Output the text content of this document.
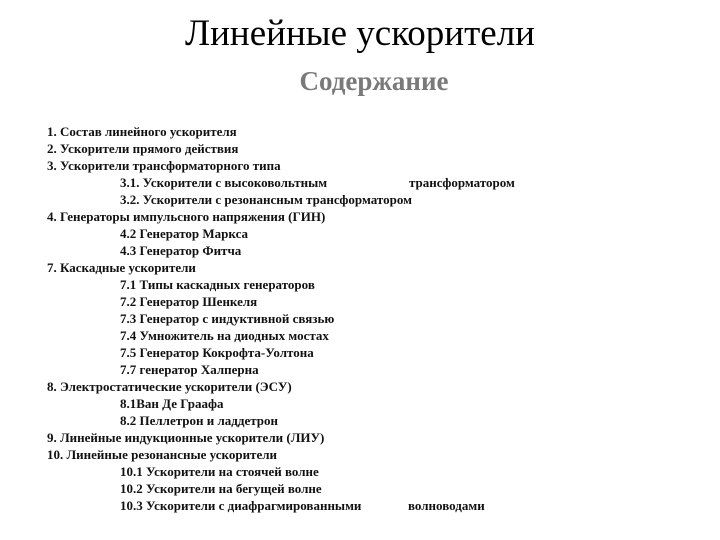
Линейные ускорители
Содержание
1. Состав линейного ускорителя
2. Ускорители прямого действия
3. Ускорители трансформаторного типа
3.1. Ускорители с высоковольтным	трансформатором
3.2. Ускорители с резонансным трансформатором
4. Генераторы импульсного напряжения (ГИН)
4.2 Генератор Маркса
4.3 Генератор Фитча
7. Каскадные ускорители
7.1 Типы каскадных генераторов
7.2 Генератор Шенкеля
7.3 Генератор с индуктивной связью
7.4 Умножитель на диодных мостах
7.5 Генератор Кокрофта-Уолтона
7.7 генератор Халперна
8. Электростатические ускорители (ЭСУ)
8.1Ван Де Граафа
8.2 Пеллетрон и ладдетрон
9. Линейные индукционные ускорители (ЛИУ)
10. Линейные резонансные ускорители
10.1 Ускорители на стоячей волне
10.2 Ускорители на бегущей волне
10.3 Ускорители с диафрагмированными	волноводами
